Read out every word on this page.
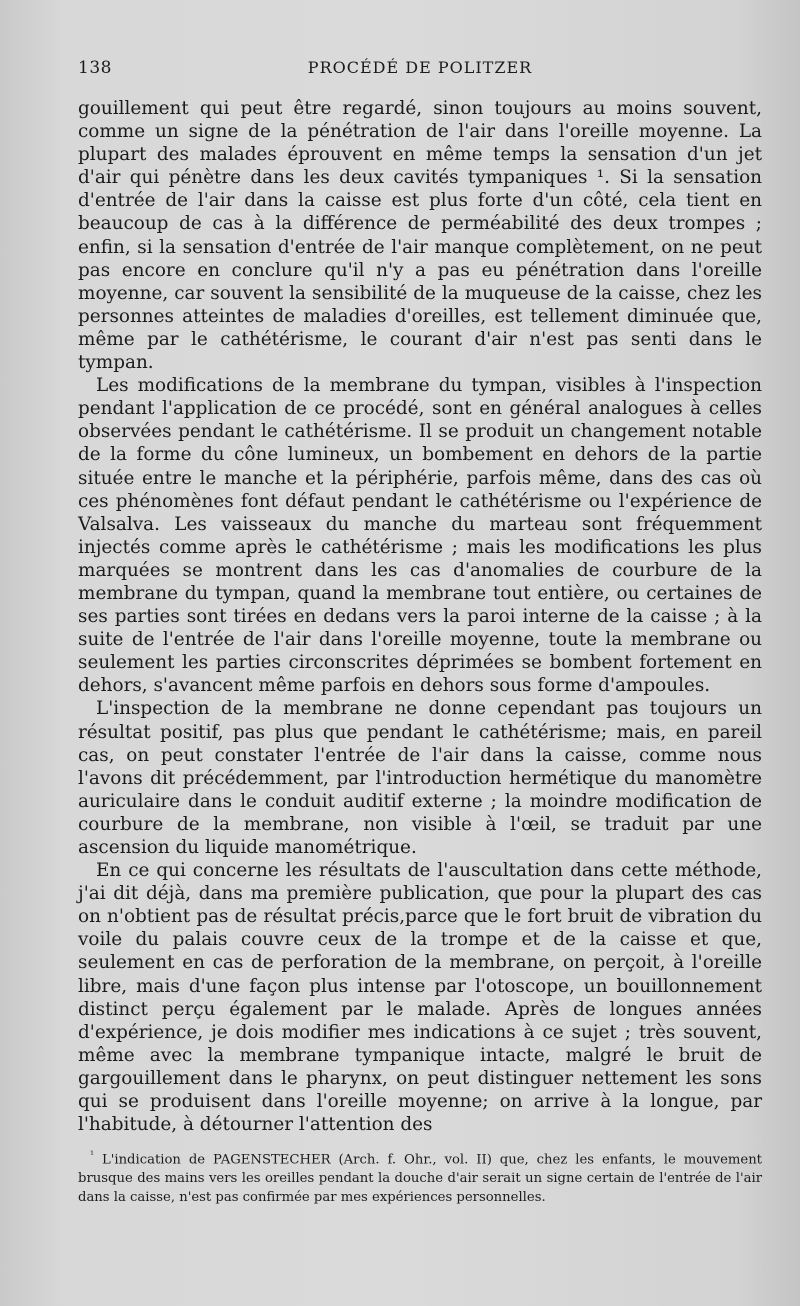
138	PROCÉDÉ DE POLITZER

gouillement qui peut être regardé, sinon toujours au moins souvent, comme un signe de la pénétration de l'air dans l'oreille moyenne. La plupart des malades éprouvent en même temps la sensation d'un jet d'air qui pénètre dans les deux cavités tympaniques ¹. Si la sensation d'entrée de l'air dans la caisse est plus forte d'un côté, cela tient en beaucoup de cas à la différence de perméabilité des deux trompes ; enfin, si la sensation d'entrée de l'air manque complètement, on ne peut pas encore en conclure qu'il n'y a pas eu pénétration dans l'oreille moyenne, car souvent la sensibilité de la muqueuse de la caisse, chez les personnes atteintes de maladies d'oreilles, est tellement diminuée que, même par le cathétérisme, le courant d'air n'est pas senti dans le tympan.

Les modifications de la membrane du tympan, visibles à l'inspection pendant l'application de ce procédé, sont en général analogues à celles observées pendant le cathétérisme. Il se produit un changement notable de la forme du cône lumineux, un bombement en dehors de la partie située entre le manche et la périphérie, parfois même, dans des cas où ces phénomènes font défaut pendant le cathétérisme ou l'expérience de Valsalva. Les vaisseaux du manche du marteau sont fréquemment injectés comme après le cathétérisme ; mais les modifications les plus marquées se montrent dans les cas d'anomalies de courbure de la membrane du tympan, quand la membrane tout entière, ou certaines de ses parties sont tirées en dedans vers la paroi interne de la caisse ; à la suite de l'entrée de l'air dans l'oreille moyenne, toute la membrane ou seulement les parties circonscrites déprimées se bombent fortement en dehors, s'avancent même parfois en dehors sous forme d'ampoules.

L'inspection de la membrane ne donne cependant pas toujours un résultat positif, pas plus que pendant le cathétérisme; mais, en pareil cas, on peut constater l'entrée de l'air dans la caisse, comme nous l'avons dit précédemment, par l'introduction hermétique du manomètre auriculaire dans le conduit auditif externe ; la moindre modification de courbure de la membrane, non visible à l'œil, se traduit par une ascension du liquide manométrique.

En ce qui concerne les résultats de l'auscultation dans cette méthode, j'ai dit déjà, dans ma première publication, que pour la plupart des cas on n'obtient pas de résultat précis,parce que le fort bruit de vibration du voile du palais couvre ceux de la trompe et de la caisse et que, seulement en cas de perforation de la membrane, on perçoit, à l'oreille libre, mais d'une façon plus intense par l'otoscope, un bouillonnement distinct perçu également par le malade. Après de longues années d'expérience, je dois modifier mes indications à ce sujet ; très souvent, même avec la membrane tympanique intacte, malgré le bruit de gargouillement dans le pharynx, on peut distinguer nettement les sons qui se produisent dans l'oreille moyenne; on arrive à la longue, par l'habitude, à détourner l'attention des

$^{^1}$ L'indication de PAGENSTECHER (Arch. f. Ohr., vol. II) que, chez les enfants, le mouvement brusque des mains vers les oreilles pendant la douche d'air serait un signe certain de l'entrée de l'air dans la caisse, n'est pas confirmée par mes expériences personnelles.
